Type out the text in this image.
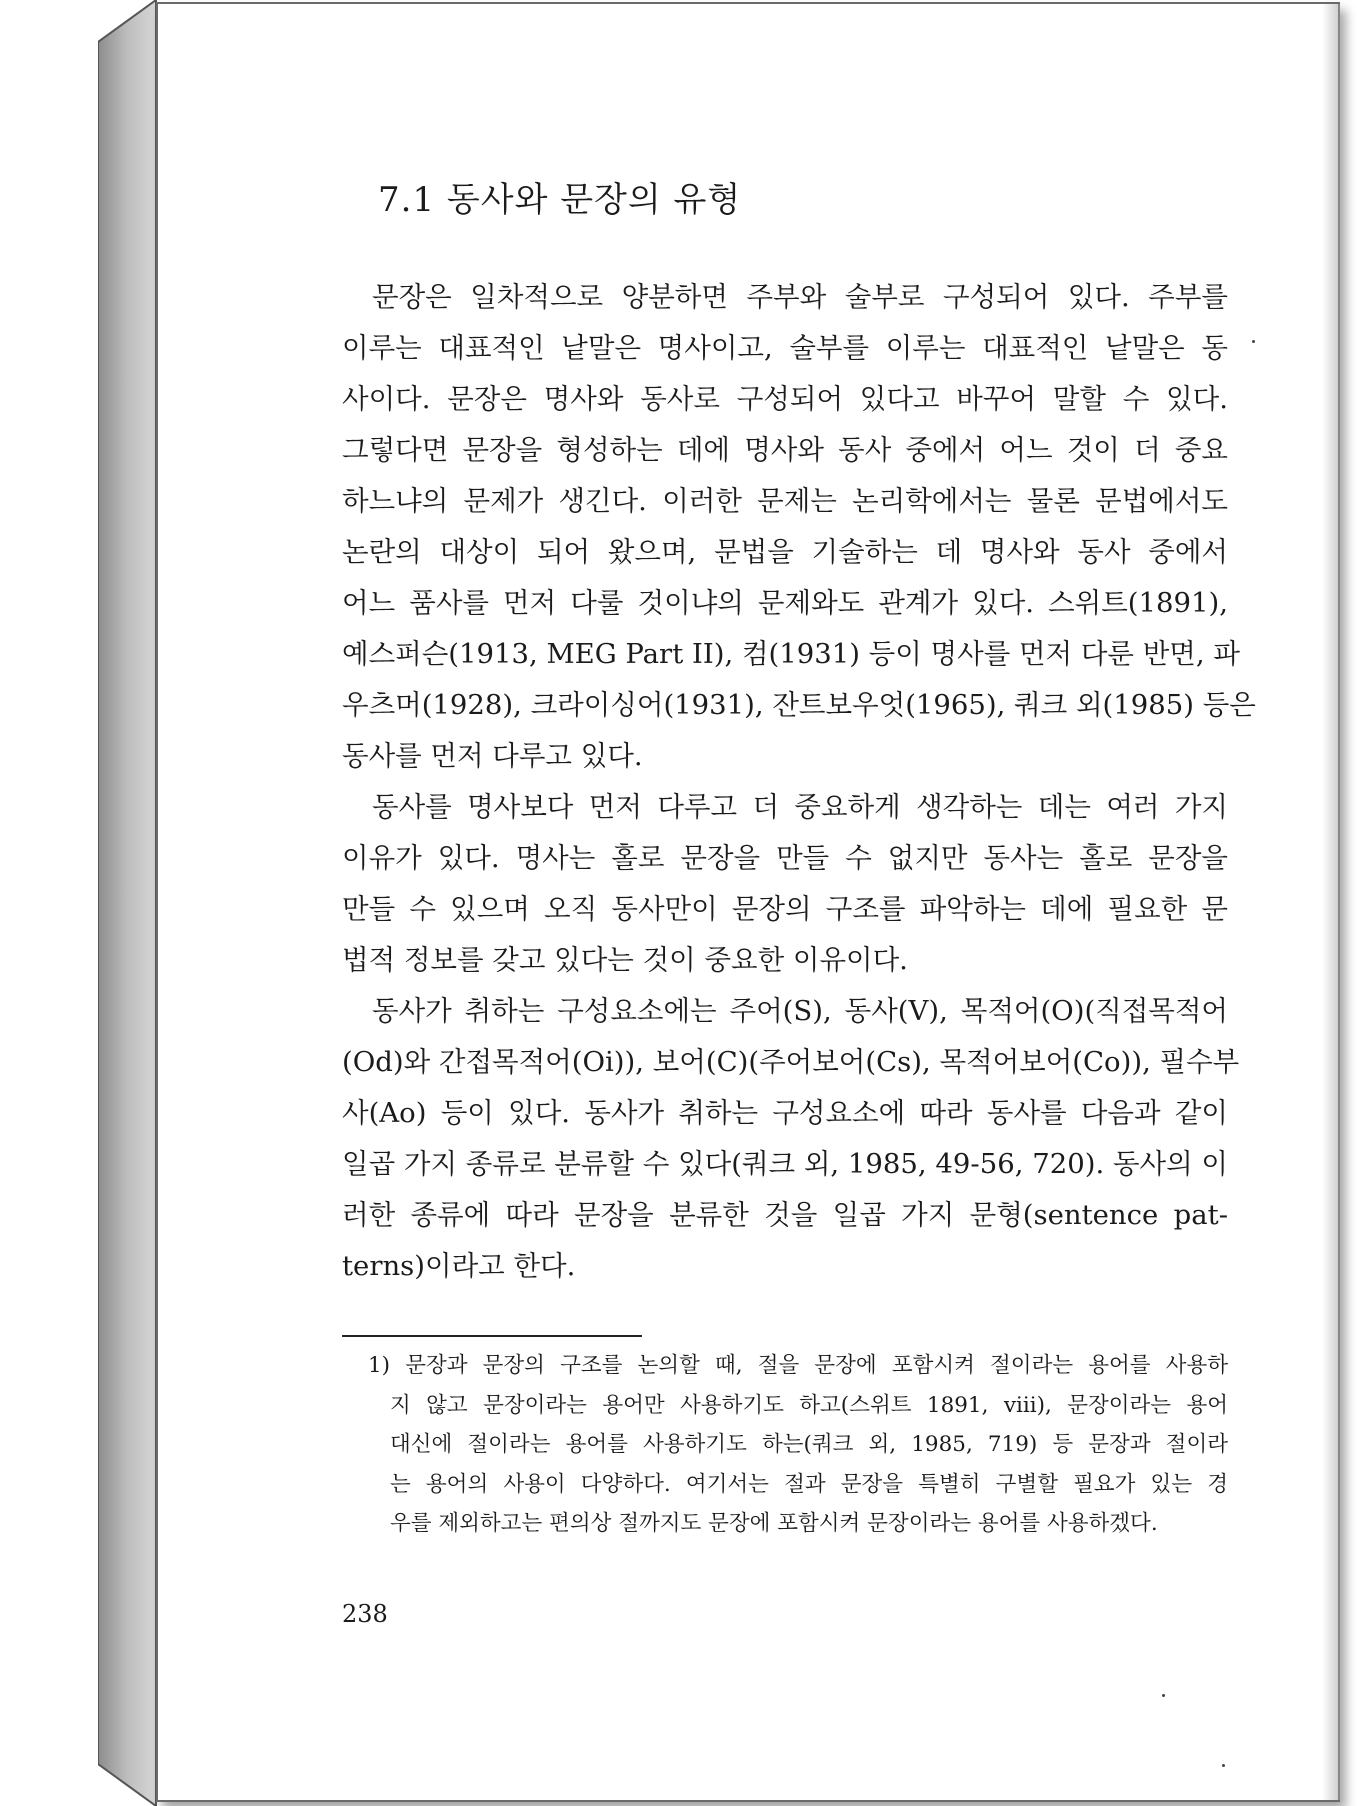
7.1 동사와 문장의 유형
문장은 일차적으로 양분하면 주부와 술부로 구성되어 있다. 주부를
이루는 대표적인 낱말은 명사이고, 술부를 이루는 대표적인 낱말은 동
사이다. 문장은 명사와 동사로 구성되어 있다고 바꾸어 말할 수 있다.
그렇다면 문장을 형성하는 데에 명사와 동사 중에서 어느 것이 더 중요
하느냐의 문제가 생긴다. 이러한 문제는 논리학에서는 물론 문법에서도
논란의 대상이 되어 왔으며, 문법을 기술하는 데 명사와 동사 중에서
어느 품사를 먼저 다룰 것이냐의 문제와도 관계가 있다. 스위트(1891),
예스퍼슨(1913, MEG Part II), 컴(1931) 등이 명사를 먼저 다룬 반면, 파
우츠머(1928), 크라이싱어(1931), 잔트보우엇(1965), 쿼크 외(1985) 등은
동사를 먼저 다루고 있다.
동사를 명사보다 먼저 다루고 더 중요하게 생각하는 데는 여러 가지
이유가 있다. 명사는 홀로 문장을 만들 수 없지만 동사는 홀로 문장을
만들 수 있으며 오직 동사만이 문장의 구조를 파악하는 데에 필요한 문
법적 정보를 갖고 있다는 것이 중요한 이유이다.
동사가 취하는 구성요소에는 주어(S), 동사(V), 목적어(O)(직접목적어
(Od)와 간접목적어(Oi)), 보어(C)(주어보어(Cs), 목적어보어(Co)), 필수부
사(Ao) 등이 있다. 동사가 취하는 구성요소에 따라 동사를 다음과 같이
일곱 가지 종류로 분류할 수 있다(쿼크 외, 1985, 49-56, 720). 동사의 이
러한 종류에 따라 문장을 분류한 것을 일곱 가지 문형(sentence pat-
terns)이라고 한다.
1) 문장과 문장의 구조를 논의할 때, 절을 문장에 포함시켜 절이라는 용어를 사용하
지 않고 문장이라는 용어만 사용하기도 하고(스위트 1891, viii), 문장이라는 용어
대신에 절이라는 용어를 사용하기도 하는(쿼크 외, 1985, 719) 등 문장과 절이라
는 용어의 사용이 다양하다. 여기서는 절과 문장을 특별히 구별할 필요가 있는 경
우를 제외하고는 편의상 절까지도 문장에 포함시켜 문장이라는 용어를 사용하겠다.
238
